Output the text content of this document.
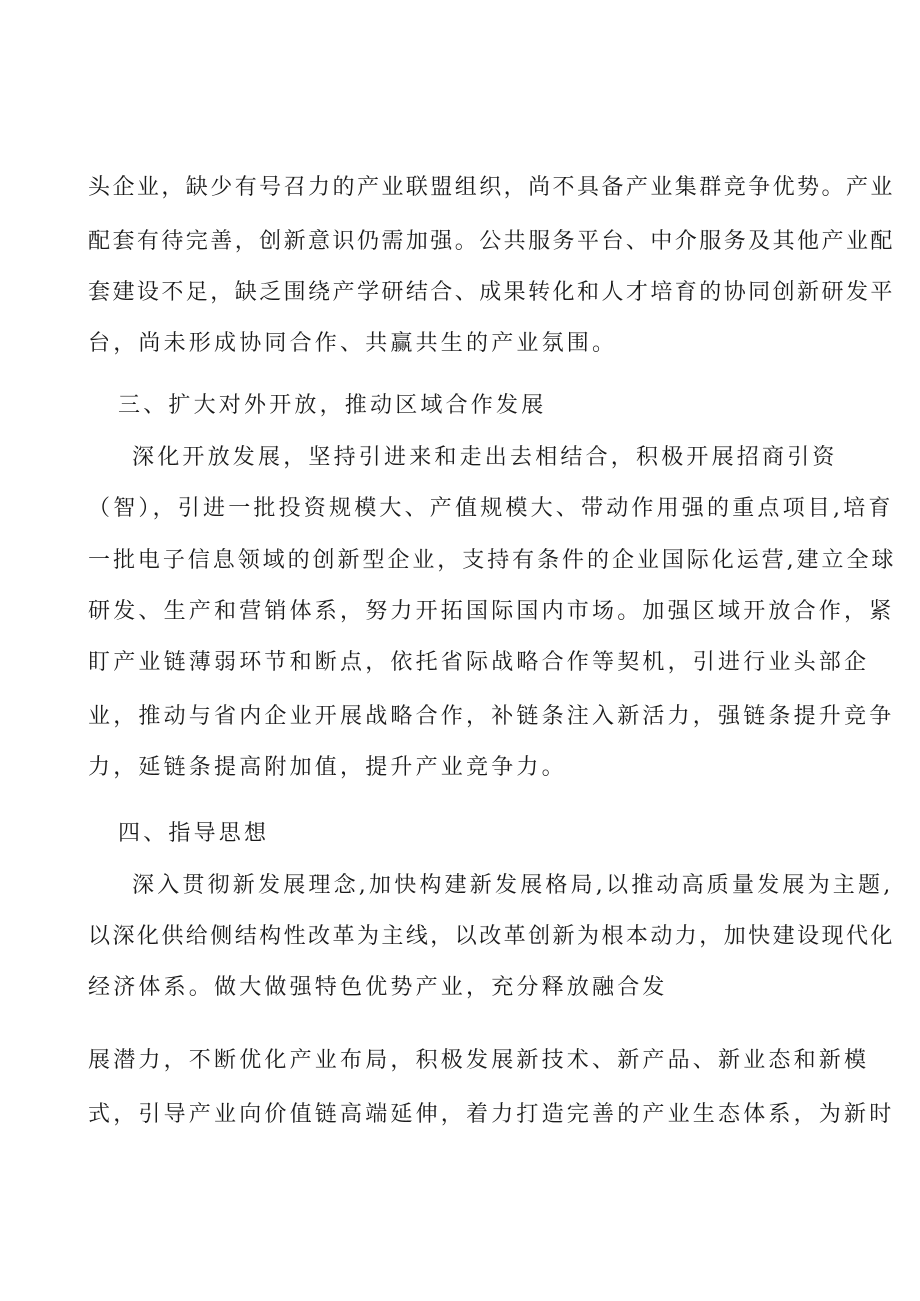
头企业，缺少有号召力的产业联盟组织，尚不具备产业集群竞争优势。产业
配套有待完善，创新意识仍需加强。公共服务平台、中介服务及其他产业配
套建设不足，缺乏围绕产学研结合、成果转化和人才培育的协同创新研发平
台，尚未形成协同合作、共赢共生的产业氛围。
三、扩大对外开放，推动区域合作发展
深化开放发展，坚持引进来和走出去相结合，积极开展招商引资
（智），引进一批投资规模大、产值规模大、带动作用强的重点项目,培育
一批电子信息领域的创新型企业，支持有条件的企业国际化运营,建立全球
研发、生产和营销体系，努力开拓国际国内市场。加强区域开放合作，紧
盯产业链薄弱环节和断点，依托省际战略合作等契机，引进行业头部企
业，推动与省内企业开展战略合作，补链条注入新活力，强链条提升竞争
力，延链条提高附加值，提升产业竞争力。
四、指导思想
深入贯彻新发展理念,加快构建新发展格局,以推动高质量发展为主题,
以深化供给侧结构性改革为主线，以改革创新为根本动力，加快建设现代化
经济体系。做大做强特色优势产业，充分释放融合发
展潜力，不断优化产业布局，积极发展新技术、新产品、新业态和新模
式，引导产业向价值链高端延伸，着力打造完善的产业生态体系，为新时
